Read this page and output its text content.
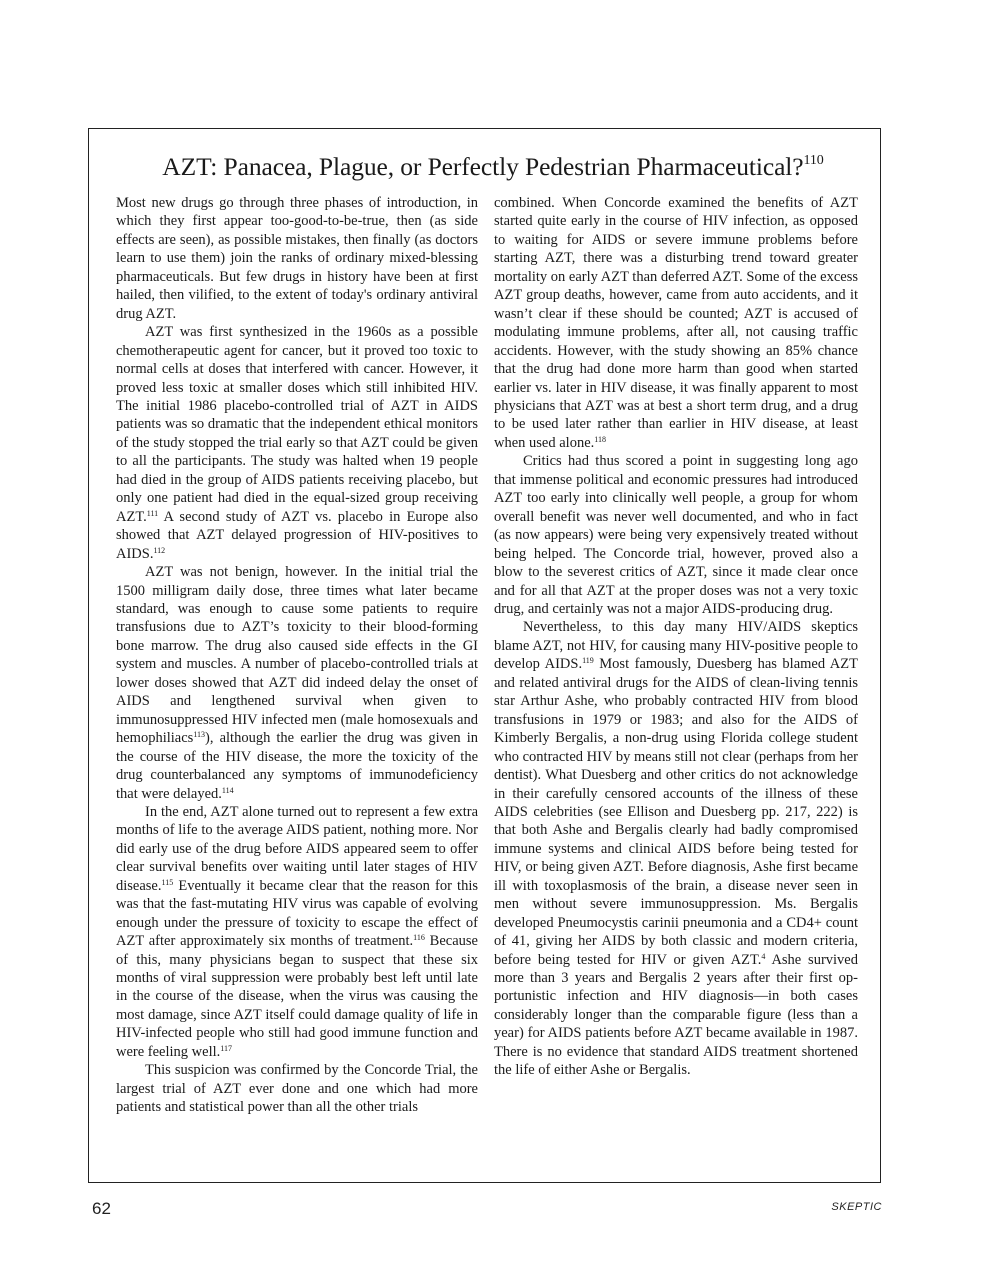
AZT: Panacea, Plague, or Perfectly Pedestrian Pharmaceutical?$^{110}$

Most new drugs go through three phases of introduction, in which they first appear too-good-to-be-true, then (as side effects are seen), as possible mistakes, then finally (as doctors learn to use them) join the ranks of ordinary mixed-blessing pharmaceuticals. But few drugs in history have been at first hailed, then vilified, to the extent of today's ordinary antiviral drug AZT.

AZT was first synthesized in the 1960s as a possible chemotherapeutic agent for cancer, but it proved too toxic to normal cells at doses that interfered with cancer. However, it proved less toxic at smaller doses which still inhibited HIV. The initial 1986 placebo-controlled trial of AZT in AIDS patients was so dramatic that the independent ethical monitors of the study stopped the trial early so that AZT could be given to all the participants. The study was halted when 19 people had died in the group of AIDS patients receiving placebo, but only one patient had died in the equal-sized group receiving AZT.$^{111}$ A second study of AZT vs. placebo in Europe also showed that AZT delayed progression of HIV-positives to AIDS.$^{112}$

AZT was not benign, however. In the initial trial the 1500 milligram daily dose, three times what later became standard, was enough to cause some patients to require transfusions due to AZT’s toxicity to their blood-forming bone marrow. The drug also caused side effects in the GI system and muscles. A number of placebo-controlled trials at lower doses showed that AZT did indeed delay the onset of AIDS and lengthened survival when given to immunosuppressed HIV infected men (male homosexuals and hemophiliacs$^{113}$), although the earlier the drug was given in the course of the HIV disease, the more the toxicity of the drug counterbalanced any symptoms of immunodeficiency that were delayed.$^{114}$

In the end, AZT alone turned out to represent a few extra months of life to the average AIDS patient, nothing more. Nor did early use of the drug before AIDS appeared seem to offer clear survival benefits over waiting until later stages of HIV disease.$^{115}$ Eventually it became clear that the reason for this was that the fast-mutating HIV virus was capable of evolving enough under the pressure of toxicity to escape the effect of AZT after approximately six months of treatment.$^{116}$ Because of this, many physicians began to suspect that these six months of viral suppression were probably best left until late in the course of the disease, when the virus was causing the most damage, since AZT itself could damage quality of life in HIV-infected people who still had good immune function and were feeling well.$^{117}$

This suspicion was confirmed by the Concorde Trial, the largest trial of AZT ever done and one which had more patients and statistical power than all the other trials

combined. When Concorde examined the benefits of AZT started quite early in the course of HIV infection, as opposed to waiting for AIDS or severe immune problems before starting AZT, there was a disturbing trend toward greater mortality on early AZT than deferred AZT. Some of the excess AZT group deaths, however, came from auto accidents, and it wasn’t clear if these should be counted; AZT is accused of modulating immune problems, after all, not causing traffic accidents. However, with the study showing an 85% chance that the drug had done more harm than good when started earlier vs. later in HIV disease, it was finally apparent to most physicians that AZT was at best a short term drug, and a drug to be used later rather than earlier in HIV disease, at least when used alone.$^{118}$

Critics had thus scored a point in suggesting long ago that immense political and economic pressures had introduced AZT too early into clinically well people, a group for whom overall benefit was never well documented, and who in fact (as now appears) were being very expensively treated without being helped. The Concorde trial, however, proved also a blow to the severest critics of AZT, since it made clear once and for all that AZT at the proper doses was not a very toxic drug, and certainly was not a major AIDS-producing drug.

Nevertheless, to this day many HIV/AIDS skeptics blame AZT, not HIV, for causing many HIV-positive people to develop AIDS.$^{119}$ Most famously, Duesberg has blamed AZT and related antiviral drugs for the AIDS of clean-living tennis star Arthur Ashe, who probably contracted HIV from blood transfusions in 1979 or 1983; and also for the AIDS of Kimberly Bergalis, a non-drug using Florida college student who contracted HIV by means still not clear (perhaps from her dentist). What Duesberg and other critics do not acknowledge in their carefully censored accounts of the illness of these AIDS celebrities (see Ellison and Duesberg pp. 217, 222) is that both Ashe and Bergalis clearly had badly compromised immune systems and clinical AIDS before being tested for HIV, or being given AZT. Before diagnosis, Ashe first became ill with toxoplasmosis of the brain, a disease never seen in men without severe immunosuppression. Ms. Bergalis developed Pneumocystis carinii pneumonia and a CD4+ count of 41, giving her AIDS by both classic and modern criteria, before being tested for HIV or given AZT.$^4$ Ashe survived more than 3 years and Bergalis 2 years after their first opportunistic infection and HIV diagnosis—in both cases considerably longer than the comparable figure (less than a year) for AIDS patients before AZT became available in 1987. There is no evidence that standard AIDS treatment shortened the life of either Ashe or Bergalis.

62	SKEPTIC
